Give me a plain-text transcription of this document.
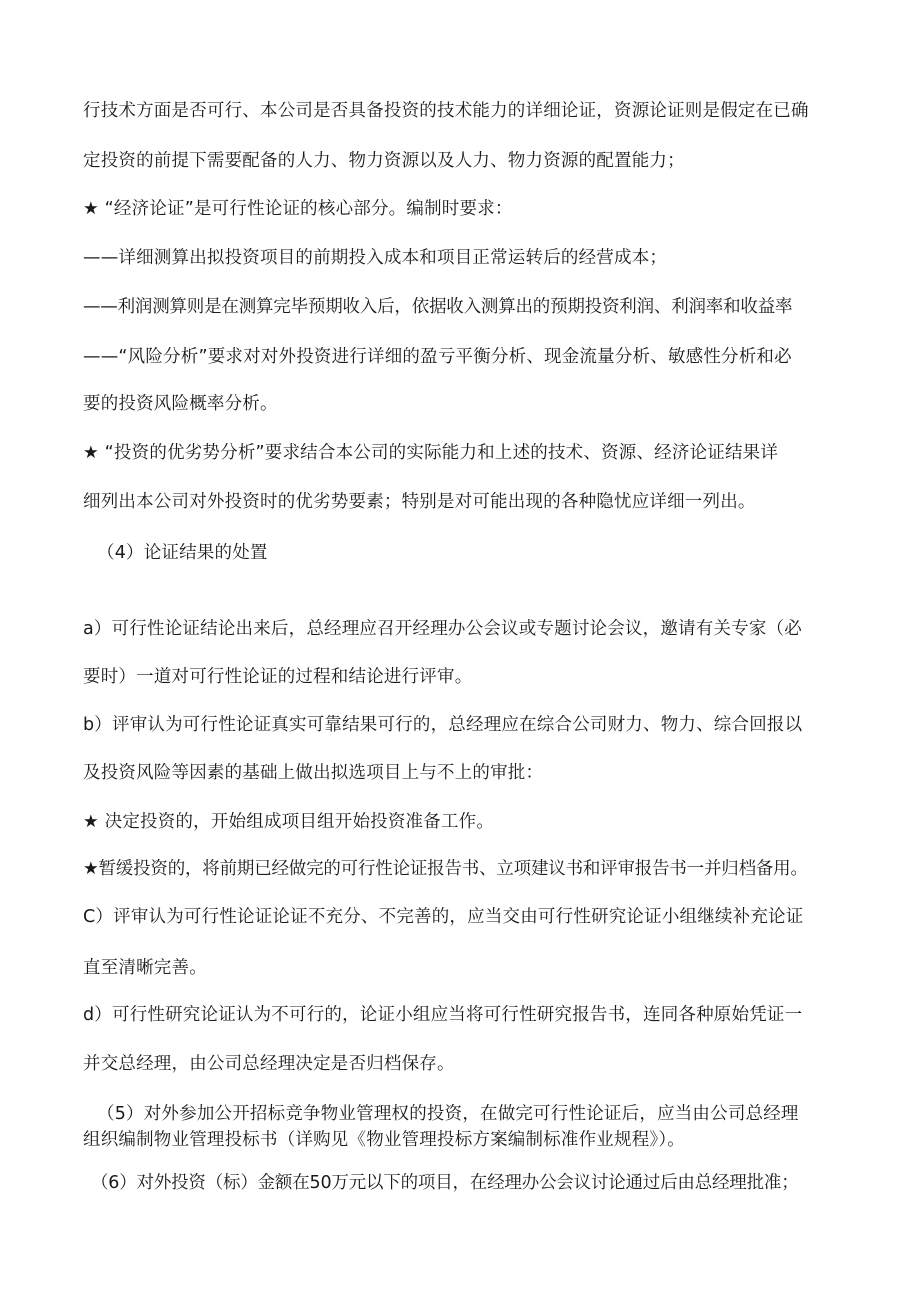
行技术方面是否可行、本公司是否具备投资的技术能力的详细论证，资源论证则是假定在已确
定投资的前提下需要配备的人力、物力资源以及人力、物力资源的配置能力；
★ “经济论证”是可行性论证的核心部分。编制时要求：
——详细测算出拟投资项目的前期投入成本和项目正常运转后的经营成本；
——利润测算则是在测算完毕预期收入后，依据收入测算出的预期投资利润、利润率和收益率
——“风险分析”要求对对外投资进行详细的盈亏平衡分析、现金流量分析、敏感性分析和必
要的投资风险概率分析。
★ “投资的优劣势分析”要求结合本公司的实际能力和上述的技术、资源、经济论证结果详
细列出本公司对外投资时的优劣势要素；特别是对可能出现的各种隐忧应详细一列出。
（4）论证结果的处置
a）可行性论证结论出来后，总经理应召开经理办公会议或专题讨论会议，邀请有关专家（必
要时）一道对可行性论证的过程和结论进行评审。
b）评审认为可行性论证真实可靠结果可行的，总经理应在综合公司财力、物力、综合回报以
及投资风险等因素的基础上做出拟选项目上与不上的审批：
★ 决定投资的，开始组成项目组开始投资准备工作。
★暂缓投资的，将前期已经做完的可行性论证报告书、立项建议书和评审报告书一并归档备用。
C）评审认为可行性论证论证不充分、不完善的，应当交由可行性研究论证小组继续补充论证
直至清晰完善。
d）可行性研究论证认为不可行的，论证小组应当将可行性研究报告书，连同各种原始凭证一
并交总经理，由公司总经理决定是否归档保存。
（5）对外参加公开招标竞争物业管理权的投资，在做完可行性论证后，应当由公司总经理
组织编制物业管理投标书（详购见《物业管理投标方案编制标准作业规程》）。
（6）对外投资（标）金额在50万元以下的项目，在经理办公会议讨论通过后由总经理批准；
